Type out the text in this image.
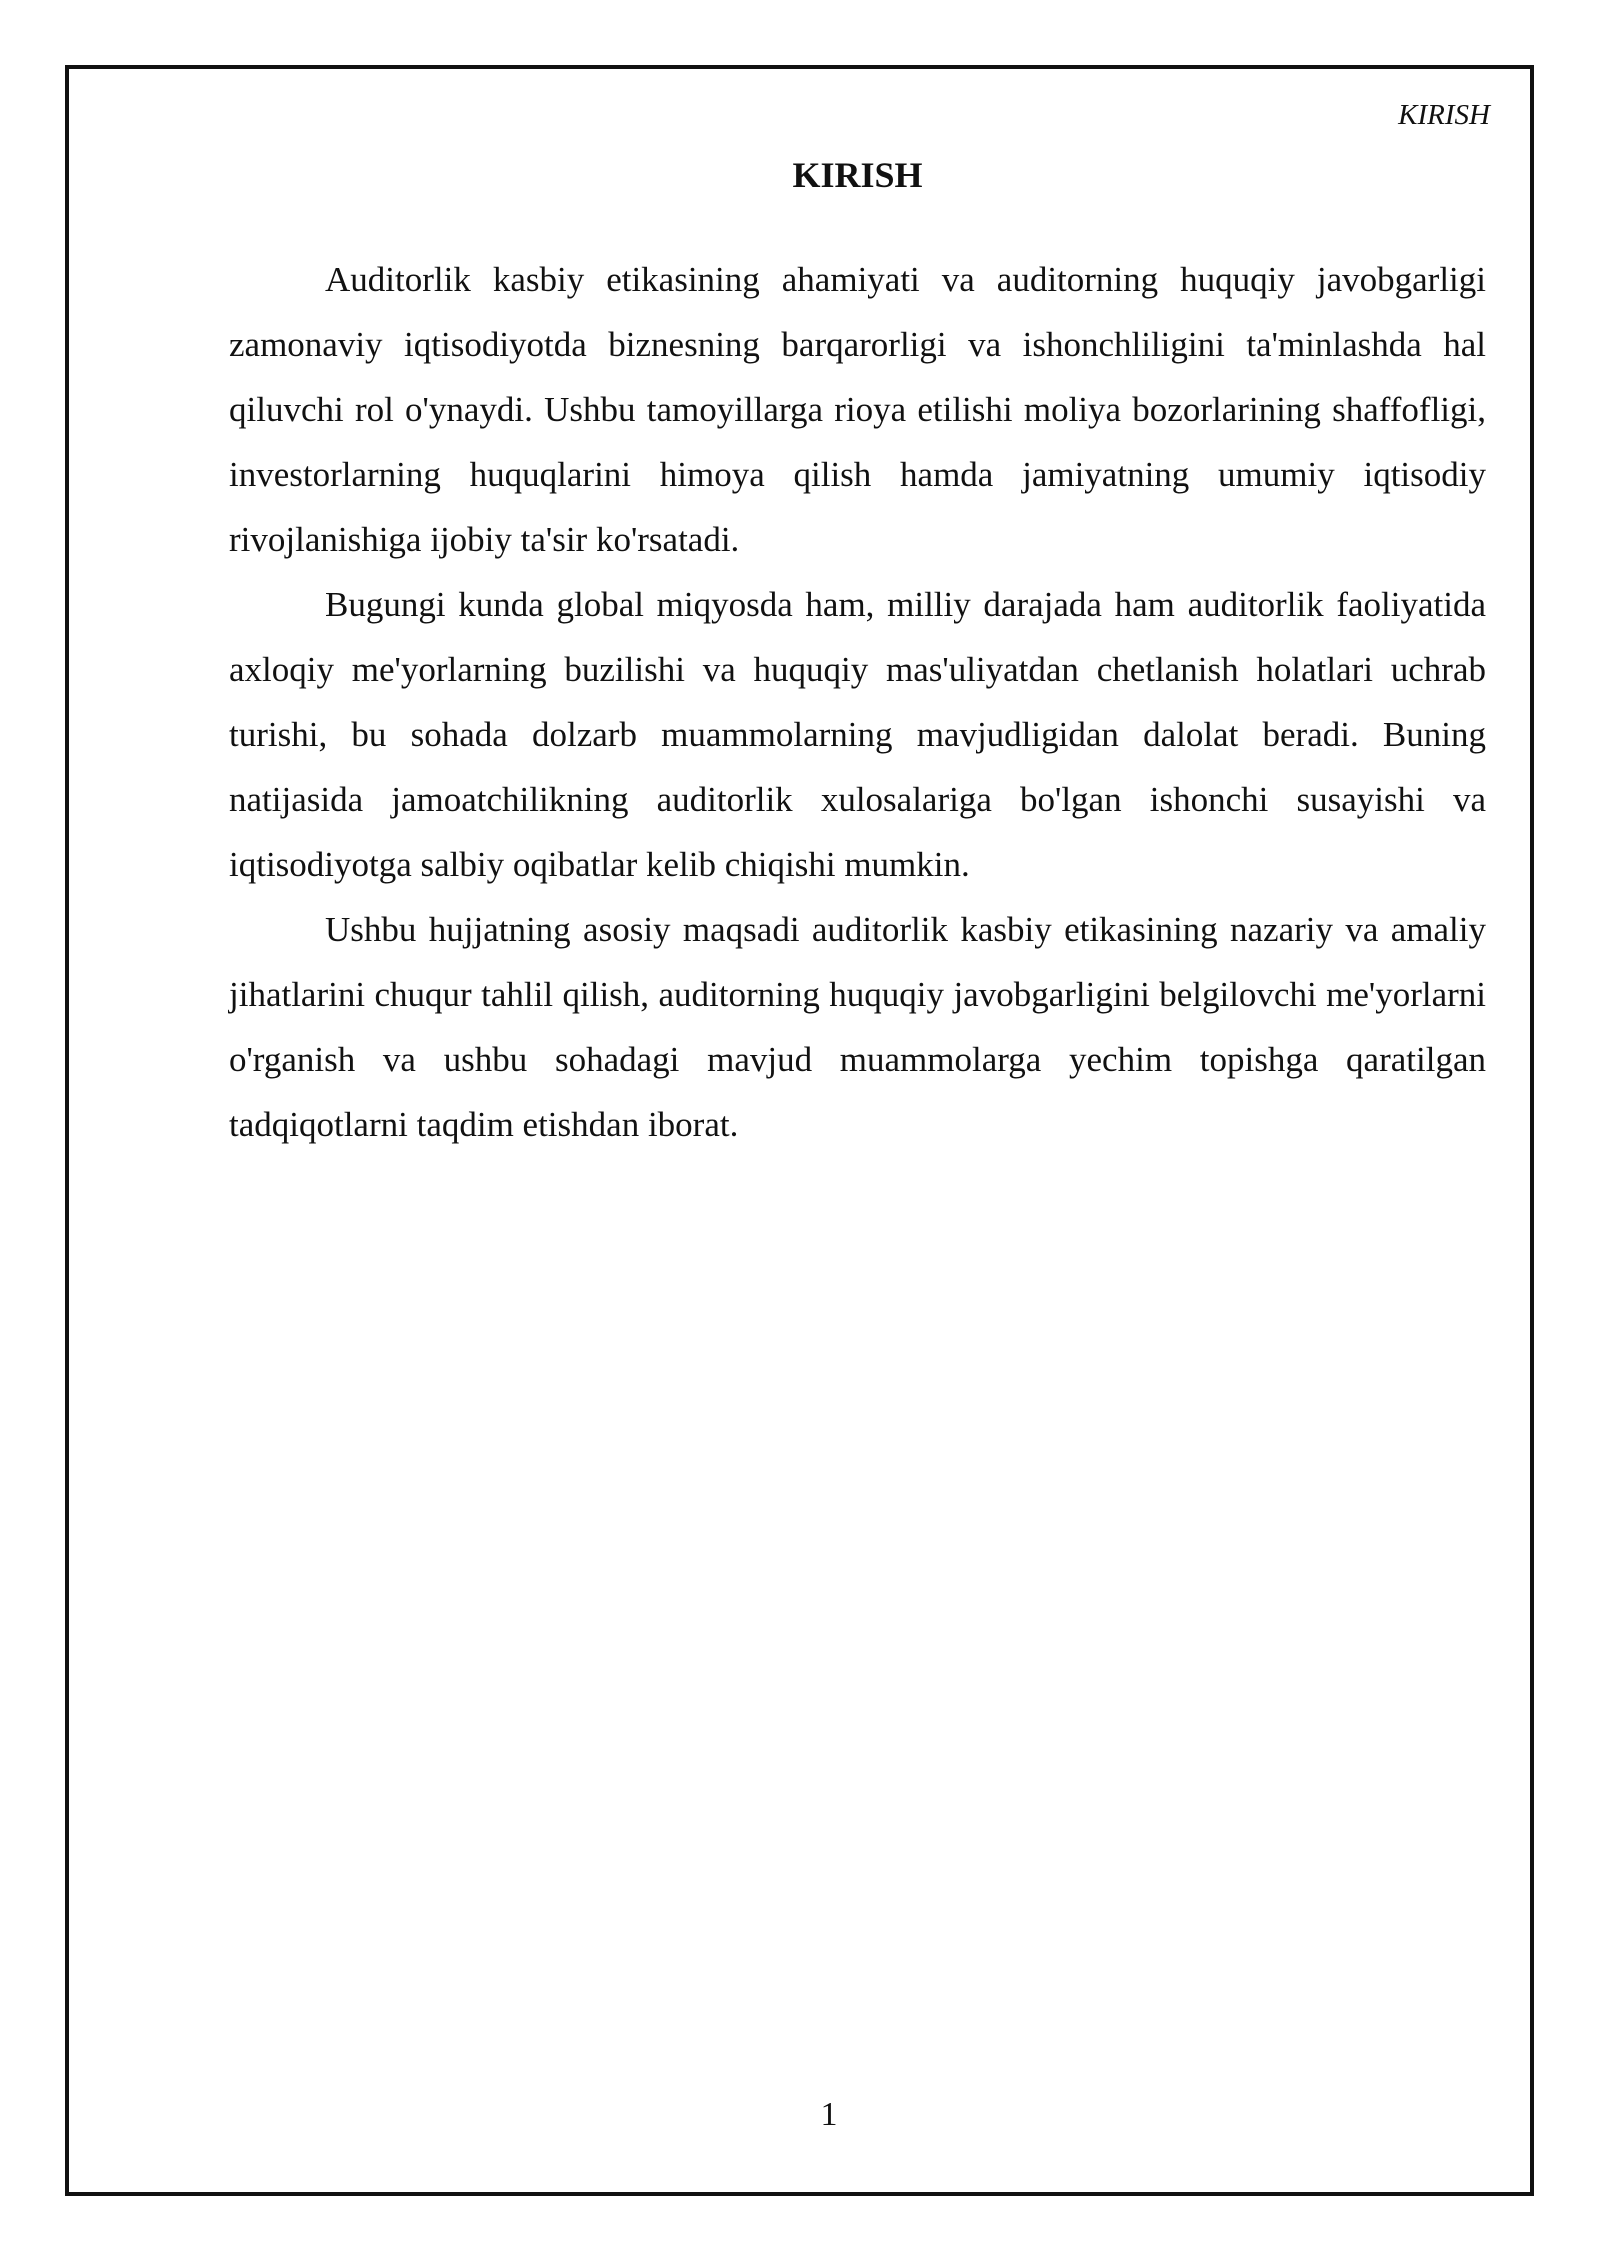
KIRISH
KIRISH

Auditorlik kasbiy etikasining ahamiyati va auditorning huquqiy javobgarligi zamonaviy iqtisodiyotda biznesning barqarorligi va ishonchliligini ta'minlashda hal qiluvchi rol o'ynaydi. Ushbu tamoyillarga rioya etilishi moliya bozorlarining shaffofligi, investorlarning huquqlarini himoya qilish hamda jamiyatning umumiy iqtisodiy rivojlanishiga ijobiy ta'sir ko'rsatadi.

Bugungi kunda global miqyosda ham, milliy darajada ham auditorlik faoliyatida axloqiy me'yorlarning buzilishi va huquqiy mas'uliyatdan chetlanish holatlari uchrab turishi, bu sohada dolzarb muammolarning mavjudligidan dalolat beradi. Buning natijasida jamoatchilikning auditorlik xulosalariga bo'lgan ishonchi susayishi va iqtisodiyotga salbiy oqibatlar kelib chiqishi mumkin.

Ushbu hujjatning asosiy maqsadi auditorlik kasbiy etikasining nazariy va amaliy jihatlarini chuqur tahlil qilish, auditorning huquqiy javobgarligini belgilovchi me'yorlarni o'rganish va ushbu sohadagi mavjud muammolarga yechim topishga qaratilgan tadqiqotlarni taqdim etishdan iborat.

1
